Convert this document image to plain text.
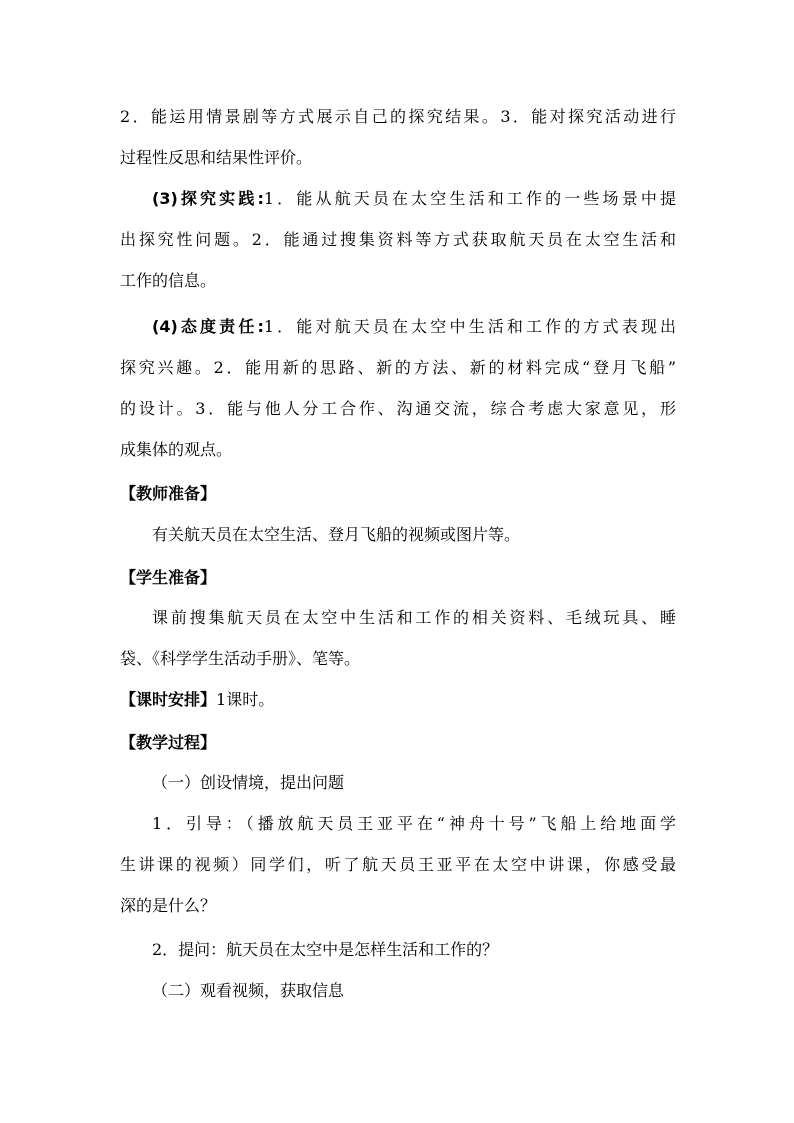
2．能运用情景剧等方式展示自己的探究结果。3．能对探究活动进行
过程性反思和结果性评价。
(3)探究实践:1．能从航天员在太空生活和工作的一些场景中提
出探究性问题。2．能通过搜集资料等方式获取航天员在太空生活和
工作的信息。
(4)态度责任:1．能对航天员在太空中生活和工作的方式表现出
探究兴趣。2．能用新的思路、新的方法、新的材料完成“登月飞船”
的设计。3．能与他人分工合作、沟通交流，综合考虑大家意见，形
成集体的观点。
【教师准备】
有关航天员在太空生活、登月飞船的视频或图片等。
【学生准备】
课前搜集航天员在太空中生活和工作的相关资料、毛绒玩具、睡
袋、《科学学生活动手册》、笔等。
【课时安排】1课时。
【教学过程】
（一）创设情境，提出问题
1．引导：（播放航天员王亚平在“神舟十号”飞船上给地面学
生讲课的视频）同学们，听了航天员王亚平在太空中讲课，你感受最
深的是什么？
2．提问：航天员在太空中是怎样生活和工作的？
（二）观看视频，获取信息
